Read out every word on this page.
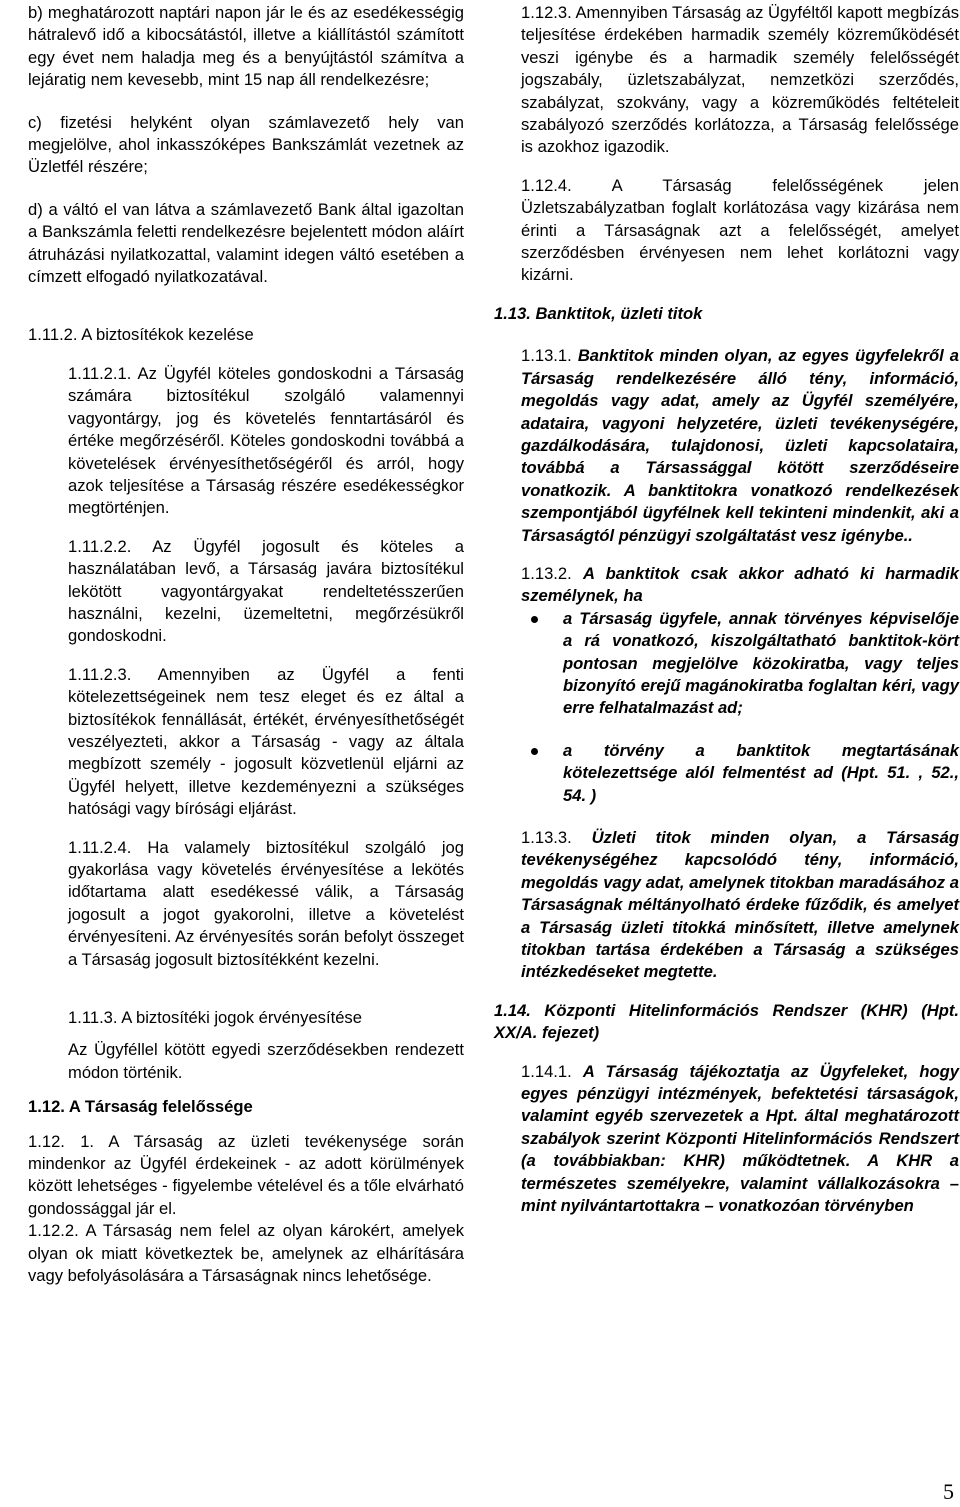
b) meghatározott naptári napon jár le és az esedékességig hátralevő idő a kibocsátástól, illetve a kiállítástól számított egy évet nem haladja meg és a benyújtástól számítva a lejáratig nem kevesebb, mint 15 nap áll rendelkezésre;

c) fizetési helyként olyan számlavezető hely van megjelölve, ahol inkasszóképes Bankszámlát vezetnek az Üzletfél részére;

d) a váltó el van látva a számlavezető Bank által igazoltan a Bankszámla feletti rendelkezésre bejelentett módon aláírt átruházási nyilatkozattal, valamint idegen váltó esetében a címzett elfogadó nyilatkozatával.

1.11.2. A biztosítékok kezelése

1.11.2.1. Az Ügyfél köteles gondoskodni a Társaság számára biztosítékul szolgáló valamennyi vagyontárgy, jog és követelés fenntartásáról és értéke megőrzéséről. Köteles gondoskodni továbbá a követelések érvényesíthetőségéről és arról, hogy azok teljesítése a Társaság részére esedékességkor megtörténjen.

1.11.2.2. Az Ügyfél jogosult és köteles a használatában levő, a Társaság javára biztosítékul lekötött vagyontárgyakat rendeltetésszerűen használni, kezelni, üzemeltetni, megőrzésükről gondoskodni.

1.11.2.3. Amennyiben az Ügyfél a fenti kötelezettségeinek nem tesz eleget és ez által a biztosítékok fennállását, értékét, érvényesíthetőségét veszélyezteti, akkor a Társaság - vagy az általa megbízott személy - jogosult közvetlenül eljárni az Ügyfél helyett, illetve kezdeményezni a szükséges hatósági vagy bírósági eljárást.

1.11.2.4. Ha valamely biztosítékul szolgáló jog gyakorlása vagy követelés érvényesítése a lekötés időtartama alatt esedékessé válik, a Társaság jogosult a jogot gyakorolni, illetve a követelést érvényesíteni. Az érvényesítés során befolyt összeget a Társaság jogosult biztosítékként kezelni.

1.11.3. A biztosítéki jogok érvényesítése

Az Ügyféllel kötött egyedi szerződésekben rendezett módon történik.

1.12. A Társaság felelőssége

1.12. 1. A Társaság az üzleti tevékenysége során mindenkor az Ügyfél érdekeinek - az adott körülmények között lehetséges - figyelembe vételével és a tőle elvárható gondossággal jár el.

1.12.2. A Társaság nem felel az olyan károkért, amelyek olyan ok miatt következtek be, amelynek az elhárítására vagy befolyásolására a Társaságnak nincs lehetősége.

1.12.3. Amennyiben Társaság az Ügyféltől kapott megbízás teljesítése érdekében harmadik személy közreműködését veszi igénybe és a harmadik személy felelősségét jogszabály, üzletszabályzat, nemzetközi szerződés, szabályzat, szokvány, vagy a közreműködés feltételeit szabályozó szerződés korlátozza, a Társaság felelőssége is azokhoz igazodik.

1.12.4. A Társaság felelősségének jelen Üzletszabályzatban foglalt korlátozása vagy kizárása nem érinti a Társaságnak azt a felelősségét, amelyet szerződésben érvényesen nem lehet korlátozni vagy kizárni.

1.13. Banktitok, üzleti titok

1.13.1. Banktitok minden olyan, az egyes ügyfelekről a Társaság rendelkezésére álló tény, információ, megoldás vagy adat, amely az Ügyfél személyére, adataira, vagyoni helyzetére, üzleti tevékenységére, gazdálkodására, tulajdonosi, üzleti kapcsolataira, továbbá a Társassággal kötött szerződéseire vonatkozik. A banktitokra vonatkozó rendelkezések szempontjából ügyfélnek kell tekinteni mindenkit, aki a Társaságtól pénzügyi szolgáltatást vesz igénybe..

1.13.2. A banktitok csak akkor adható ki harmadik személynek, ha

a Társaság ügyfele, annak törvényes képviselője a rá vonatkozó, kiszolgáltatható banktitok-kört pontosan megjelölve közokiratba, vagy teljes bizonyító erejű magánokiratba foglaltan kéri, vagy erre felhatalmazást ad;

a törvény a banktitok megtartásának kötelezettsége alól felmentést ad (Hpt. 51. , 52., 54. )

1.13.3. Üzleti titok minden olyan, a Társaság tevékenységéhez kapcsolódó tény, információ, megoldás vagy adat, amelynek titokban maradásához a Társaságnak méltányolható érdeke fűződik, és amelyet a Társaság üzleti titokká minősített, illetve amelynek titokban tartása érdekében a Társaság a szükséges intézkedéseket megtette.

1.14. Központi Hitelinformációs Rendszer (KHR) (Hpt. XX/A. fejezet)

1.14.1. A Társaság tájékoztatja az Ügyfeleket, hogy egyes pénzügyi intézmények, befektetési társaságok, valamint egyéb szervezetek a Hpt. által meghatározott szabályok szerint Központi Hitelinformációs Rendszert (a továbbiakban: KHR) működtetnek. A KHR a természetes személyekre, valamint vállalkozásokra – mint nyilvántartottakra – vonatkozóan törvényben

5
